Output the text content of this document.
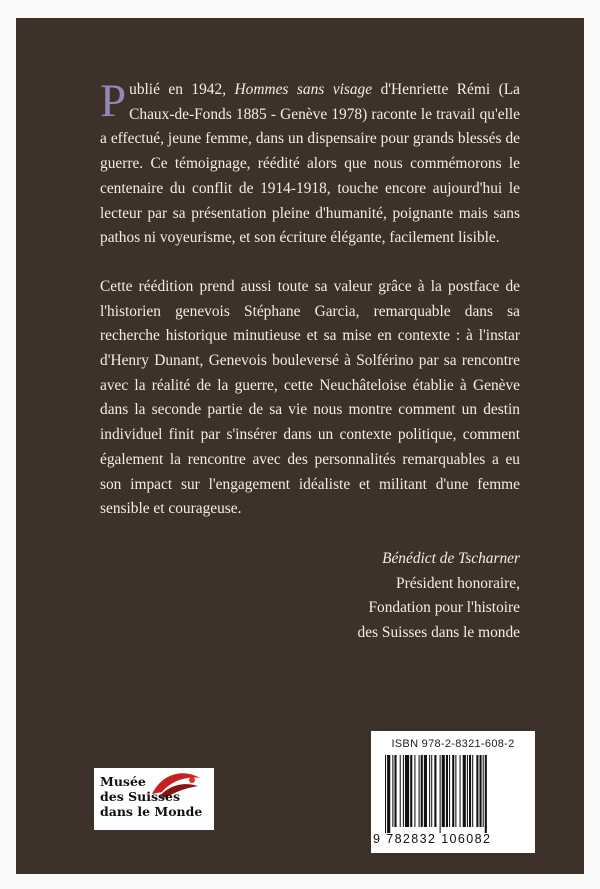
Publié en 1942, Hommes sans visage d'Henriette Rémi (La Chaux-de-Fonds 1885 - Genève 1978) raconte le travail qu'elle a effectué, jeune femme, dans un dispensaire pour grands blessés de guerre. Ce témoignage, réédité alors que nous commémorons le centenaire du conflit de 1914-1918, touche encore aujourd'hui le lecteur par sa présentation pleine d'humanité, poignante mais sans pathos ni voyeurisme, et son écriture élégante, facilement lisible.

Cette réédition prend aussi toute sa valeur grâce à la postface de l'historien genevois Stéphane Garcia, remarquable dans sa recherche historique minutieuse et sa mise en contexte : à l'instar d'Henry Dunant, Genevois bouleversé à Solférino par sa rencontre avec la réalité de la guerre, cette Neuchâteloise établie à Genève dans la seconde partie de sa vie nous montre comment un destin individuel finit par s'insérer dans un contexte politique, comment également la rencontre avec des personnalités remarquables a eu son impact sur l'engagement idéaliste et militant d'une femme sensible et courageuse.

Bénédict de Tscharner
Président honoraire,
Fondation pour l'histoire
des Suisses dans le monde
Musée
des Suisses
dans le Monde
ISBN 978-2-8321-608-2
9 782832 106082
